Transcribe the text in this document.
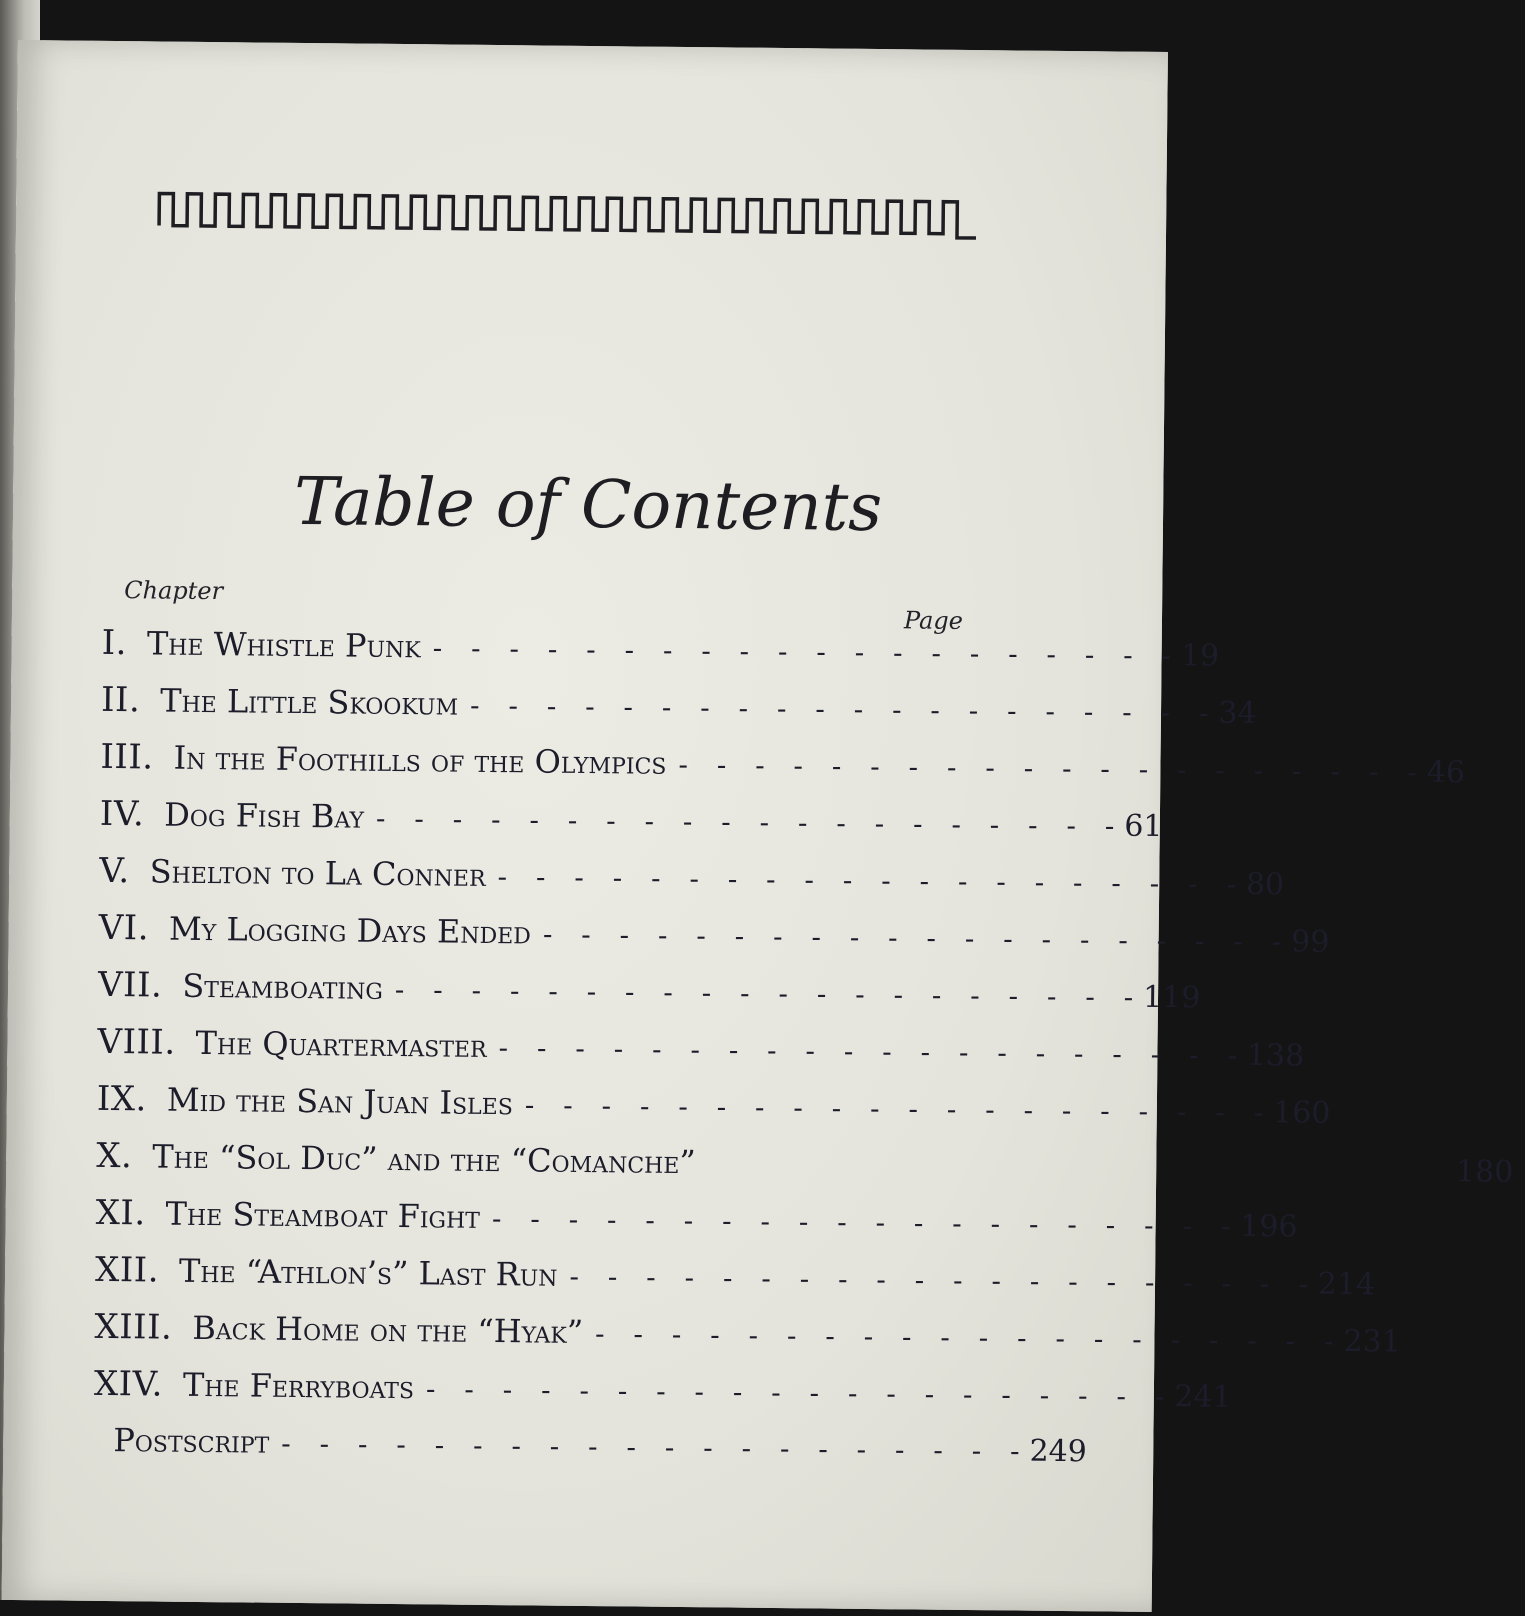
Table of Contents
Chapter
Page
I. The Whistle Punk - - - - - - - - - - - - - - - - - - - - 19
II. The Little Skookum - - - - - - - - - - - - - - - - - - - - 34
III. In the Foothills of the Olympics - - - - - - - - - - - - - - - - - - - - 46
IV. Dog Fish Bay - - - - - - - - - - - - - - - - - - - - 61
V. Shelton to La Conner - - - - - - - - - - - - - - - - - - - - 80
VI. My Logging Days Ended - - - - - - - - - - - - - - - - - - - - 99
VII. Steamboating - - - - - - - - - - - - - - - - - - - - 119
VIII. The Quartermaster - - - - - - - - - - - - - - - - - - - - 138
IX. Mid the San Juan Isles - - - - - - - - - - - - - - - - - - - - 160
X. The “Sol Duc” and the “Comanche”	180
XI. The Steamboat Fight - - - - - - - - - - - - - - - - - - - - 196
XII. The “Athlon’s” Last Run - - - - - - - - - - - - - - - - - - - - 214
XIII. Back Home on the “Hyak” - - - - - - - - - - - - - - - - - - - - 231
XIV. The Ferryboats - - - - - - - - - - - - - - - - - - - - 241
Postscript - - - - - - - - - - - - - - - - - - - - 249
